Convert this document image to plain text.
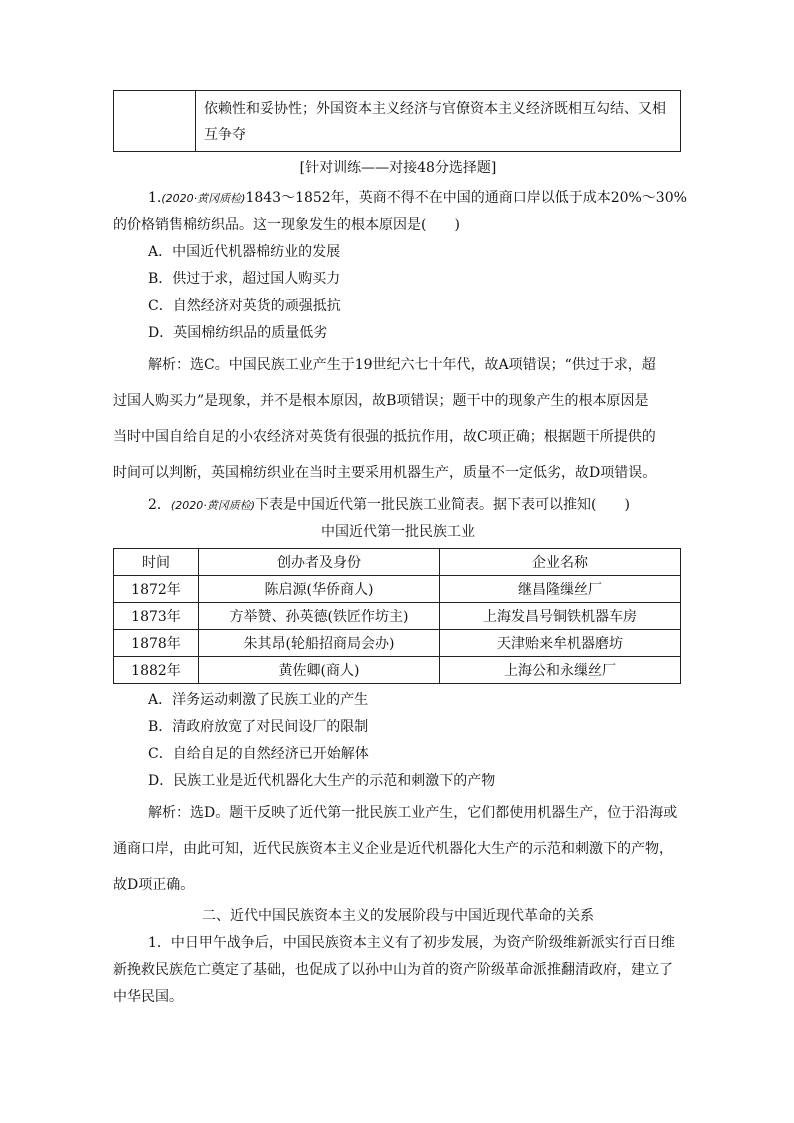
依赖性和妥协性；外国资本主义经济与官僚资本主义经济既相互勾结、又相互争夺
[针对训练——对接48分选择题]
1.(2020·黄冈质检)1843～1852年，英商不得不在中国的通商口岸以低于成本20%～30%
的价格销售棉纺织品。这一现象发生的根本原因是(　　)
A．中国近代机器棉纺业的发展
B．供过于求，超过国人购买力
C．自然经济对英货的顽强抵抗
D．英国棉纺织品的质量低劣
解析：选C。中国民族工业产生于19世纪六七十年代，故A项错误；“供过于求，超
过国人购买力”是现象，并不是根本原因，故B项错误；题干中的现象产生的根本原因是
当时中国自给自足的小农经济对英货有很强的抵抗作用，故C项正确；根据题干所提供的
时间可以判断，英国棉纺织业在当时主要采用机器生产，质量不一定低劣，故D项错误。
2．(2020·黄冈质检)下表是中国近代第一批民族工业简表。据下表可以推知(　　)
中国近代第一批民族工业
时间	创办者及身份	企业名称
1872年	陈启源(华侨商人)	继昌隆缫丝厂
1873年	方举赞、孙英德(铁匠作坊主)	上海发昌号铜铁机器车房
1878年	朱其昂(轮船招商局会办)	天津贻来牟机器磨坊
1882年	黄佐卿(商人)	上海公和永缫丝厂
A．洋务运动刺激了民族工业的产生
B．清政府放宽了对民间设厂的限制
C．自给自足的自然经济已开始解体
D．民族工业是近代机器化大生产的示范和刺激下的产物
解析：选D。题干反映了近代第一批民族工业产生，它们都使用机器生产，位于沿海或
通商口岸，由此可知，近代民族资本主义企业是近代机器化大生产的示范和刺激下的产物，
故D项正确。
二、近代中国民族资本主义的发展阶段与中国近现代革命的关系
1．中日甲午战争后，中国民族资本主义有了初步发展，为资产阶级维新派实行百日维
新挽救民族危亡奠定了基础，也促成了以孙中山为首的资产阶级革命派推翻清政府，建立了
中华民国。
